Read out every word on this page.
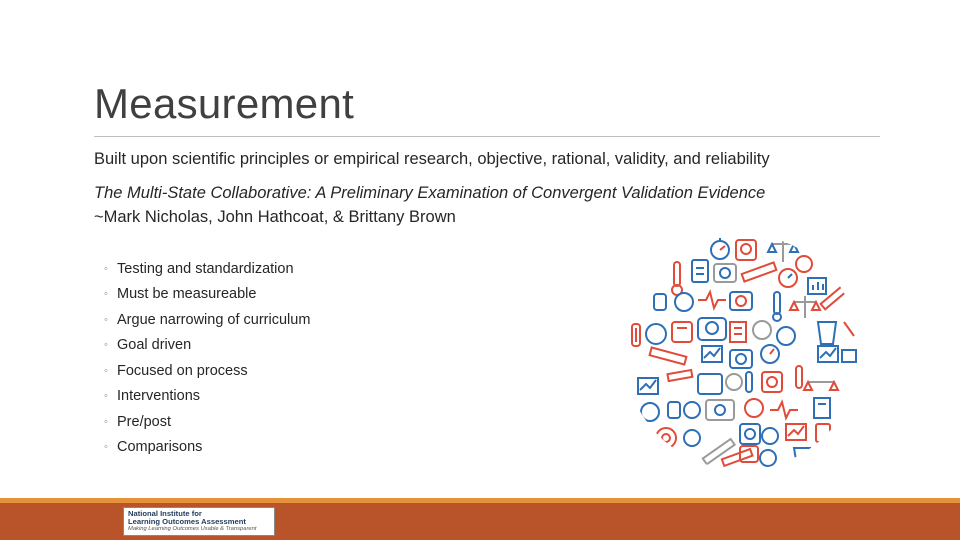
Measurement
Built upon scientific principles or empirical research, objective, rational, validity, and reliability
The Multi-State Collaborative: A Preliminary Examination of Convergent Validation Evidence
~Mark Nicholas, John Hathcoat, & Brittany Brown
◦ Testing and standardization
◦ Must be measureable
◦ Argue narrowing of curriculum
◦ Goal driven
◦ Focused on process
◦ Interventions
◦ Pre/post
◦ Comparisons
National Institute for
Learning Outcomes Assessment
Making Learning Outcomes Usable & Transparent
